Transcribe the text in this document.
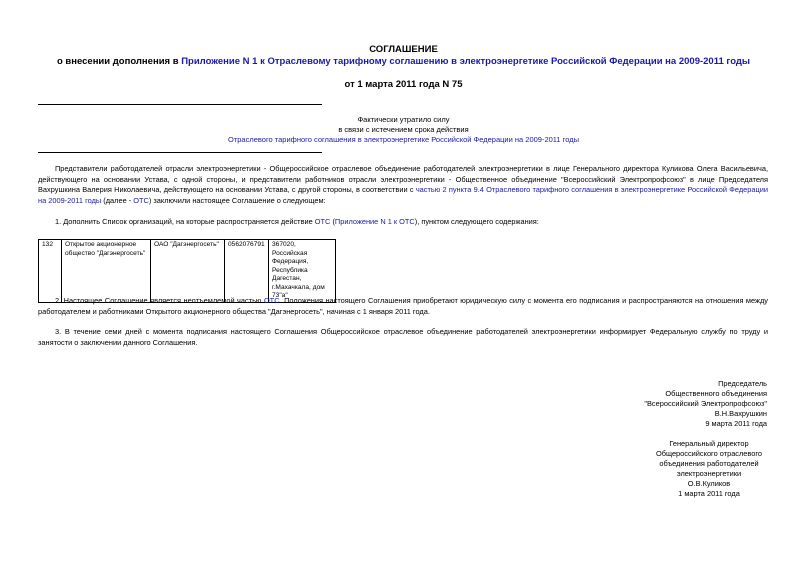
СОГЛАШЕНИЕ
о внесении дополнения в Приложение N 1 к Отраслевому тарифному соглашению в электроэнергетике Российской Федерации на 2009-2011 годы
от 1 марта 2011 года N 75
Фактически утратило силу
в связи с истечением срока действия
Отраслевого тарифного соглашения в электроэнергетике Российской Федерации на 2009-2011 годы
Представители работодателей отрасли электроэнергетики - Общероссийское отраслевое объединение работодателей электроэнергетики в лице Генерального директора Куликова Олега Васильевича, действующего на основании Устава, с одной стороны, и представители работников отрасли электроэнергетики - Общественное объединение "Всероссийский Электропрофсоюз" в лице Председателя Вахрушкина Валерия Николаевича, действующего на основании Устава, с другой стороны, в соответствии с частью 2 пункта 9.4 Отраслевого тарифного соглашения в электроэнергетике Российской Федерации на 2009-2011 годы (далее - ОТС) заключили настоящее Соглашение о следующем:
1. Дополнить Список организаций, на которые распространяется действие ОТС (Приложение N 1 к ОТС), пунктом следующего содержания:
132	Открытое акционерное общество "Дагэнергосеть"	ОАО "Дагэнергосеть"	0562076791	367020, Российская Федерация, Республика Дагестан, г.Махачкала, дом 73"а"
2. Настоящее Соглашение является неотъемлемой частью ОТС. Положения настоящего Соглашения приобретают юридическую силу с момента его подписания и распространяются на отношения между работодателем и работниками Открытого акционерного общества "Дагэнергосеть", начиная с 1 января 2011 года.
3. В течение семи дней с момента подписания настоящего Соглашения Общероссийское отраслевое объединение работодателей электроэнергетики информирует Федеральную службу по труду и занятости о заключении данного Соглашения.
Председатель
Общественного объединения
"Всероссийский Электропрофсоюз"
В.Н.Вахрушкин
9 марта 2011 года
Генеральный директор
Общероссийского отраслевого
объединения работодателей
электроэнергетики
О.В.Куликов
1 марта 2011 года
